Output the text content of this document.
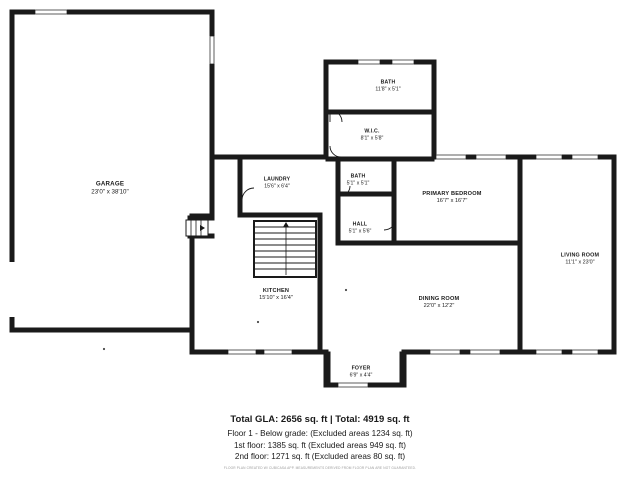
GARAGE
23'0" x 38'10"
BATH
11'8" x 5'1"
W.I.C.
8'1" x 5'8"
LAUNDRY
15'6" x 6'4"
BATH
5'1" x 5'1"
PRIMARY BEDROOM
16'7" x 16'7"
HALL
5'1" x 5'6"
LIVING ROOM
11'1" x 23'0"
KITCHEN
15'10" x 16'4"	DINING ROOM
22'0" x 12'2"
FOYER
6'9" x 4'4"
Total GLA: 2656 sq. ft | Total: 4919 sq. ft
Floor 1 - Below grade: (Excluded areas 1234 sq. ft)
1st floor: 1385 sq. ft (Excluded areas 949 sq. ft)
2nd floor: 1271 sq. ft (Excluded areas 80 sq. ft)
FLOOR PLAN CREATED W/ CUBICASA APP. MEASUREMENTS DERIVED FROM FLOOR PLAN ARE NOT GUARANTEED.
